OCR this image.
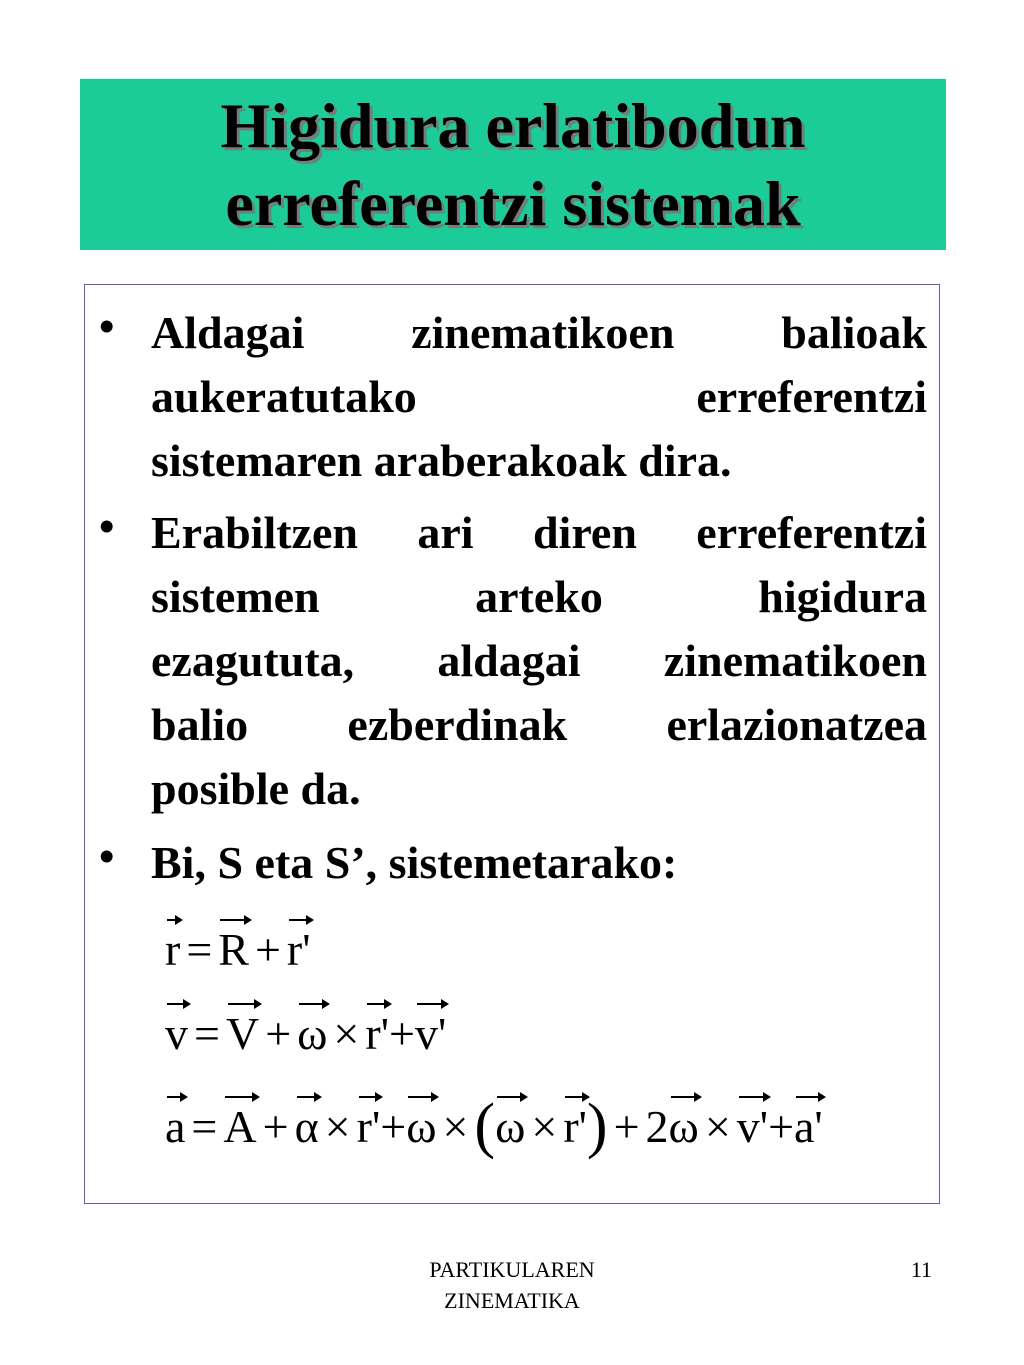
Higidura erlatibodun
erreferentzi sistemak
• Aldagai zinematikoen balioak
aukeratutako erreferentzi
sistemaren araberakoak dira.
• Erabiltzen ari diren erreferentzi
sistemen arteko higidura
ezagututa, aldagai zinematikoen
balio ezberdinak erlazionatzea
posible da.
• Bi, S eta S’, sistemetarako:
r = R + r'
v = V + ω × r'+v'
a = A + α × r'+ω ×(ω × r') + 2ω × v'+a'
PARTIKULAREN
ZINEMATIKA
11
